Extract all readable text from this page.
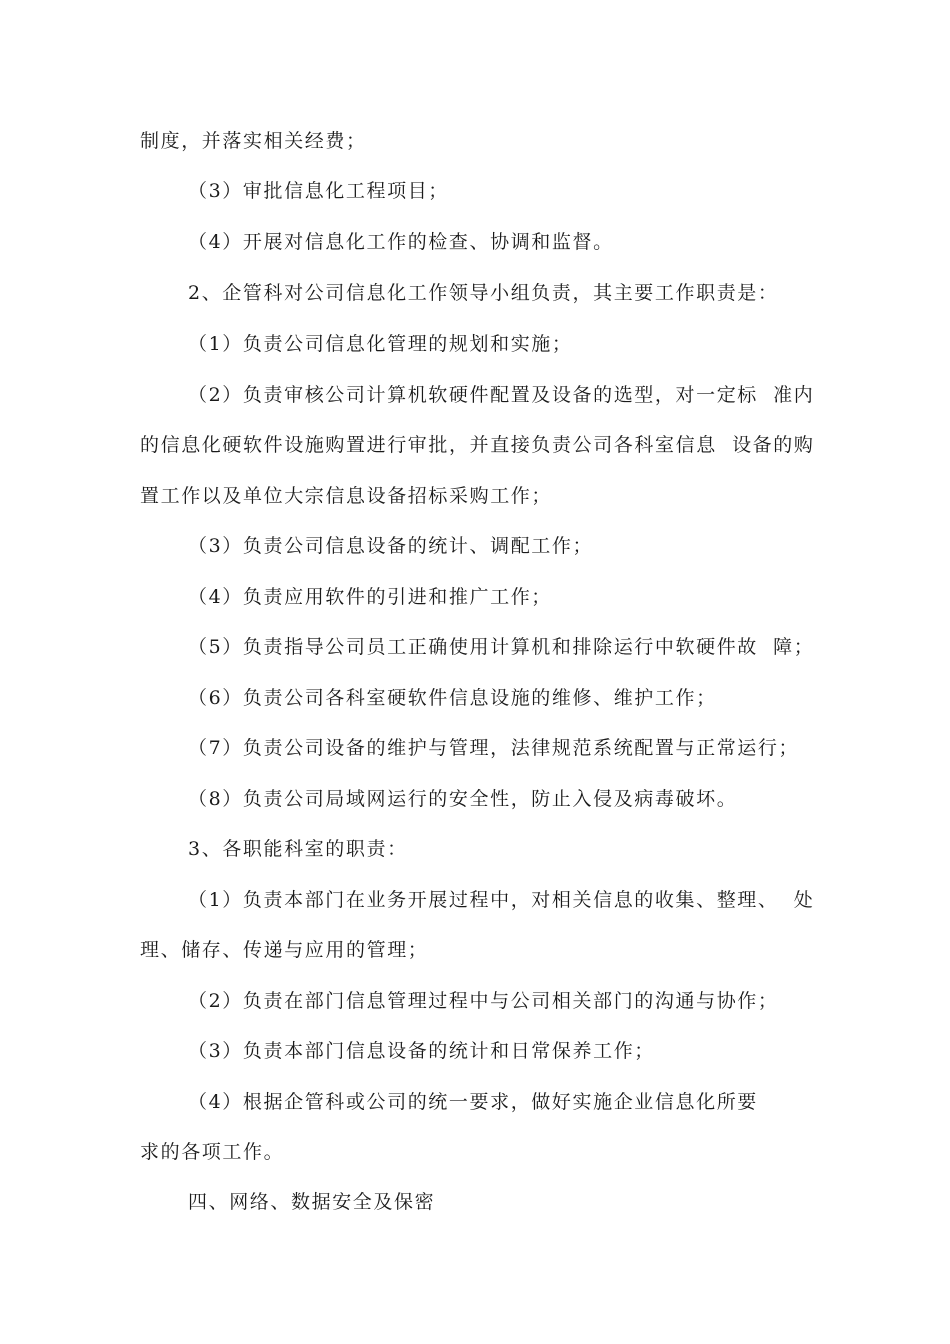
制度，并落实相关经费；
（3）审批信息化工程项目；
（4）开展对信息化工作的检查、协调和监督。
2、企管科对公司信息化工作领导小组负责，其主要工作职责是：
（1）负责公司信息化管理的规划和实施；
（2）负责审核公司计算机软硬件配置及设备的选型，对一定标  准内
的信息化硬软件设施购置进行审批，并直接负责公司各科室信息  设备的购
置工作以及单位大宗信息设备招标采购工作；
（3）负责公司信息设备的统计、调配工作；
（4）负责应用软件的引进和推广工作；
（5）负责指导公司员工正确使用计算机和排除运行中软硬件故  障；
（6）负责公司各科室硬软件信息设施的维修、维护工作；
（7）负责公司设备的维护与管理，法律规范系统配置与正常运行；
（8）负责公司局域网运行的安全性，防止入侵及病毒破坏。
3、各职能科室的职责：
（1）负责本部门在业务开展过程中，对相关信息的收集、整理、  处
理、储存、传递与应用的管理；
（2）负责在部门信息管理过程中与公司相关部门的沟通与协作；
（3）负责本部门信息设备的统计和日常保养工作；
（4）根据企管科或公司的统一要求，做好实施企业信息化所要
求的各项工作。
四、网络、数据安全及保密
